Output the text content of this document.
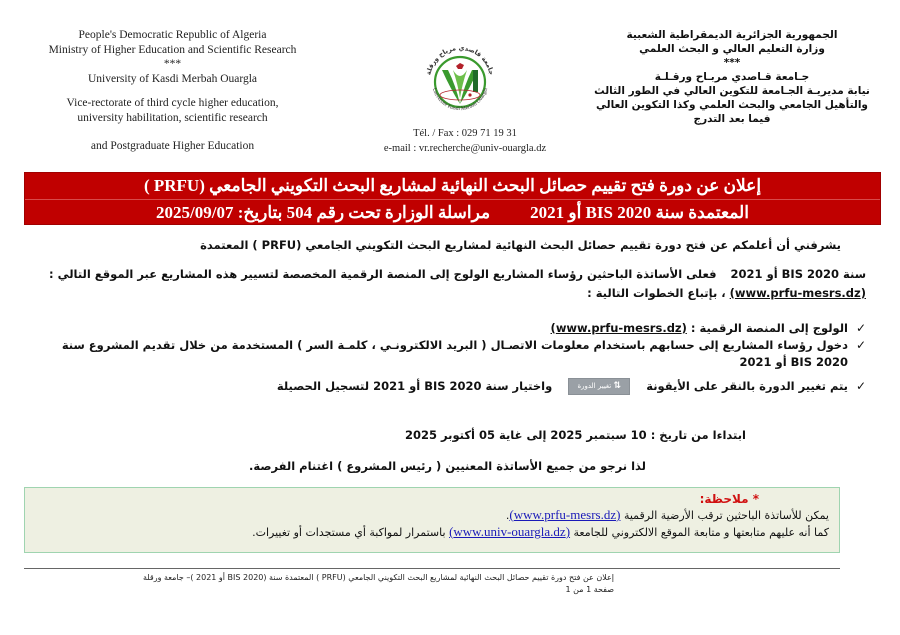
People's Democratic Republic of Algeria
Ministry of Higher Education and Scientific Research
***
University of Kasdi Merbah Ouargla
Vice-rectorate of third cycle higher education,
university habilitation, scientific research
and Postgraduate Higher Education
الجمهورية الجزائرية الديمقراطية الشعبية
وزارة التعليم العالي و البحث العلمي
***
جـامعة قـاصدي مربـاح ورقـلـة
نيابة مديريـة الجـامعة للتكوين العالي في الطور الثالث
والتأهيل الجامعي والبحث العلمي وكذا التكوين العالي
فيما بعد التدرج
جامعة قاصدي مرباح ورقلة
Université Kasdi Merbah Ouargla
Tél. / Fax : 029 71 19 31
e-mail : vr.recherche@univ-ouargla.dz
إعلان عن دورة فتح تقييم حصائل البحث النهائية لمشاريع البحث التكويني الجامعي (PRFU )
المعتمدة سنة BIS 2020 أو 2021مراسلة الوزارة تحت رقم 504 بتاريخ: 2025/09/07
يشرفني أن أعلمكم عن فتح دورة تقييم حصائل البحث النهائية لمشاريع البحث التكويني الجامعي (PRFU ) المعتمدة
سنة BIS 2020 أو 2021 فعلى الأساتذة الباحثين رؤساء المشاريع الولوج إلى المنصة الرقمية المخصصة لتسيير هذه المشاريع عبر الموقع التالي : (www.prfu-mesrs.dz) ، بإتباع الخطوات التالية :
✓
الولوج إلى المنصة الرقمية : (www.prfu-mesrs.dz)
✓
دخول رؤساء المشاريع إلى حسابهم باستخدام معلومات الاتصـال ( البريد الالكترونـي ، كلمـة السر ) المستخدمة من خلال تقديم المشروع سنة BIS 2020 أو 2021
✓
يتم تغيير الدورة بالنقر على الأيقونة ⇅ تغيير الدورة واختيار سنة BIS 2020 أو 2021 لتسجيل الحصيلة
ابتداءا من تاريخ : 10 سبتمبر 2025 إلى غاية 05 أكتوبر 2025
لذا نرجو من جميع الأساتذة المعنيين ( رئيس المشروع ) اغتنام الفرصة.
* ملاحظة:
يمكن للأساتذة الباحثين ترقب الأرضية الرقمية (www.prfu-mesrs.dz).
كما أنه عليهم متابعتها و متابعة الموقع الالكتروني للجامعة (www.univ-ouargla.dz) باستمرار لمواكبة أي مستجدات أو تغييرات.
إعلان عن فتح دورة تقييم حصائل البحث النهائية لمشاريع البحث التكويني الجامعي (PRFU ) المعتمدة سنة (BIS 2020 أو 2021 )– جامعة ورقلة
صفحة 1 من 1
